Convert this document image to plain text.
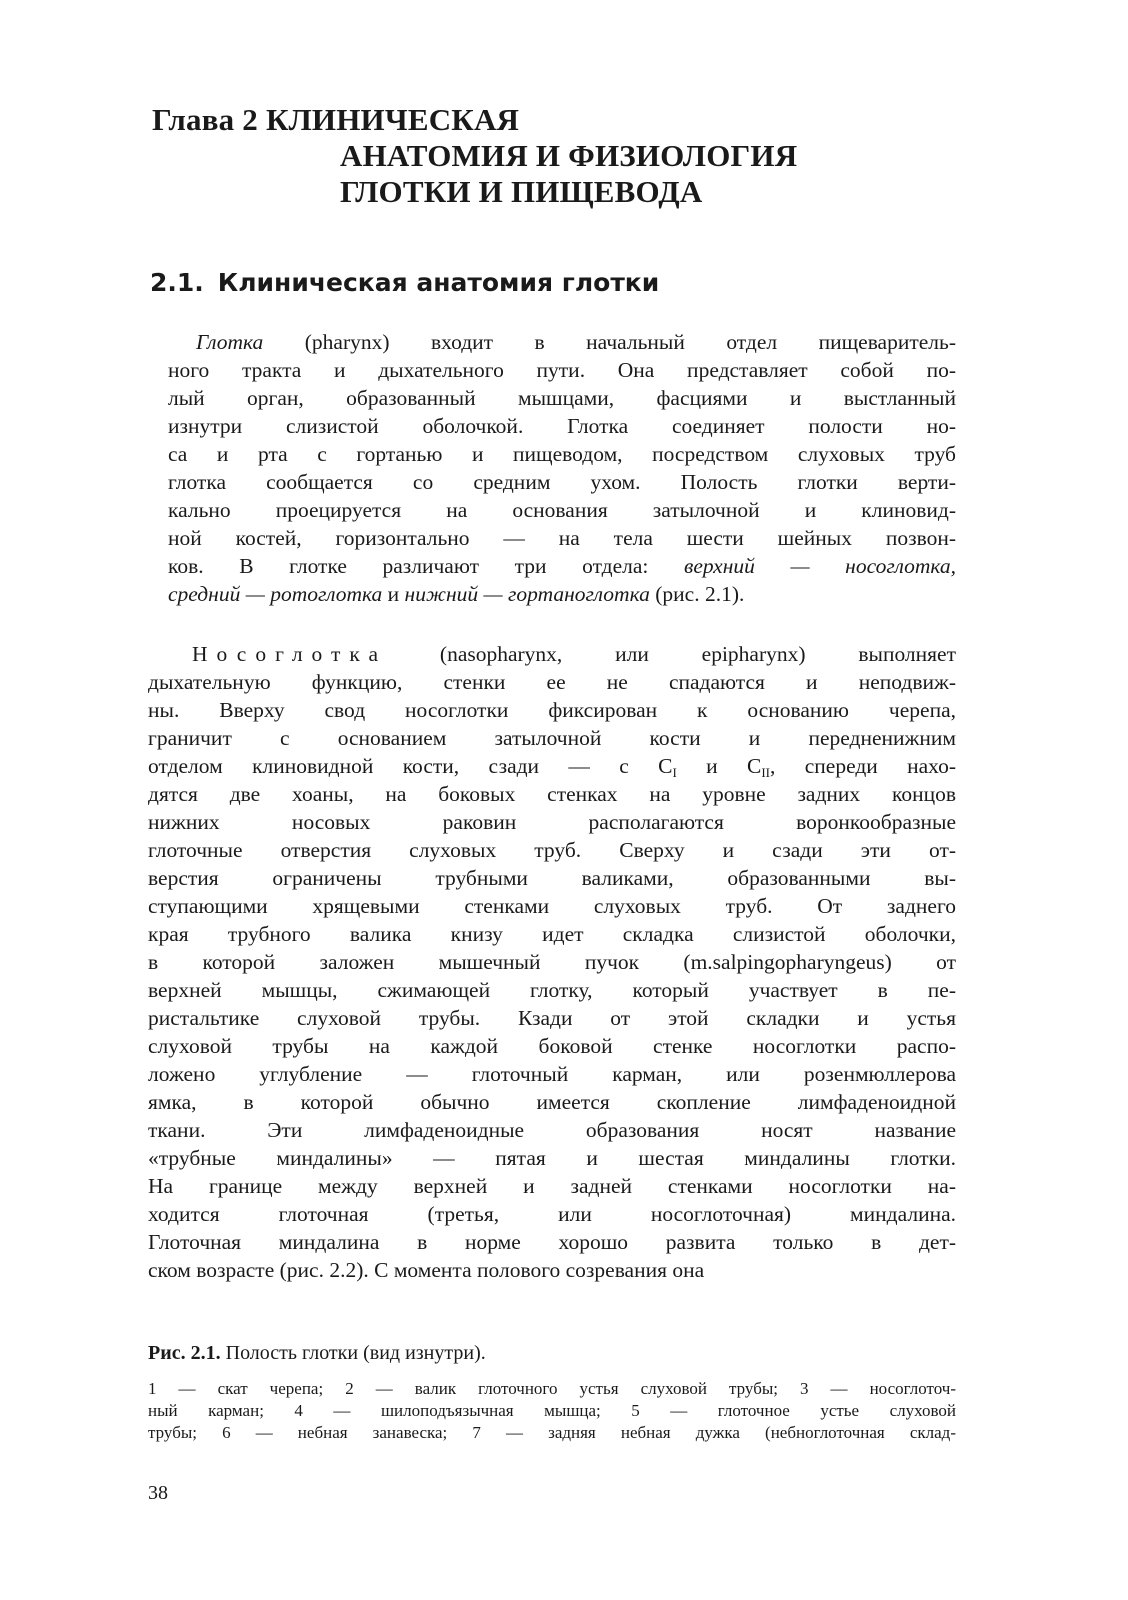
Глава 2 КЛИНИЧЕСКАЯ
АНАТОМИЯ И ФИЗИОЛОГИЯ
ГЛОТКИ И ПИЩЕВОДА
2.1. Клиническая анатомия глотки
Глотка (pharynx) входит в начальный отдел пищеваритель-
ного тракта и дыхательного пути. Она представляет собой по-
лый орган, образованный мышцами, фасциями и выстланный
изнутри слизистой оболочкой. Глотка соединяет полости но-
са и рта с гортанью и пищеводом, посредством слуховых труб
глотка сообщается со средним ухом. Полость глотки верти-
кально проецируется на основания затылочной и клиновид-
ной костей, горизонтально — на тела шести шейных позвон-
ков. В глотке различают три отдела: верхний — носоглотка,
средний — ротоглотка и нижний — гортаноглотка (рис. 2.1).
Носоглотка (nasopharynx, или epipharynx) выполняет
дыхательную функцию, стенки ее не спадаются и неподвиж-
ны. Вверху свод носоглотки фиксирован к основанию черепа,
граничит с основанием затылочной кости и передненижним
отделом клиновидной кости, сзади — с $C_I$ и $C_{II}$, спереди нахо-
дятся две хоаны, на боковых стенках на уровне задних концов
нижних носовых раковин располагаются воронкообразные
глоточные отверстия слуховых труб. Сверху и сзади эти от-
верстия ограничены трубными валиками, образованными вы-
ступающими хрящевыми стенками слуховых труб. От заднего
края трубного валика книзу идет складка слизистой оболочки,
в которой заложен мышечный пучок (m.salpingopharyngeus) от
верхней мышцы, сжимающей глотку, который участвует в пе-
ристальтике слуховой трубы. Кзади от этой складки и устья
слуховой трубы на каждой боковой стенке носоглотки распо-
ложено углубление — глоточный карман, или розенмюллерова
ямка, в которой обычно имеется скопление лимфаденоидной
ткани. Эти лимфаденоидные образования носят название
«трубные миндалины» — пятая и шестая миндалины глотки.
На границе между верхней и задней стенками носоглотки на-
ходится глоточная (третья, или носоглоточная) миндалина.
Глоточная миндалина в норме хорошо развита только в дет-
ском возрасте (рис. 2.2). С момента полового созревания она
Рис. 2.1. Полость глотки (вид изнутри).
1 — скат черепа; 2 — валик глоточного устья слуховой трубы; 3 — носоглоточ-
ный карман; 4 — шилоподъязычная мышца; 5 — глоточное устье слуховой
трубы; 6 — небная занавеска; 7 — задняя небная дужка (небноглоточная склад-
38
